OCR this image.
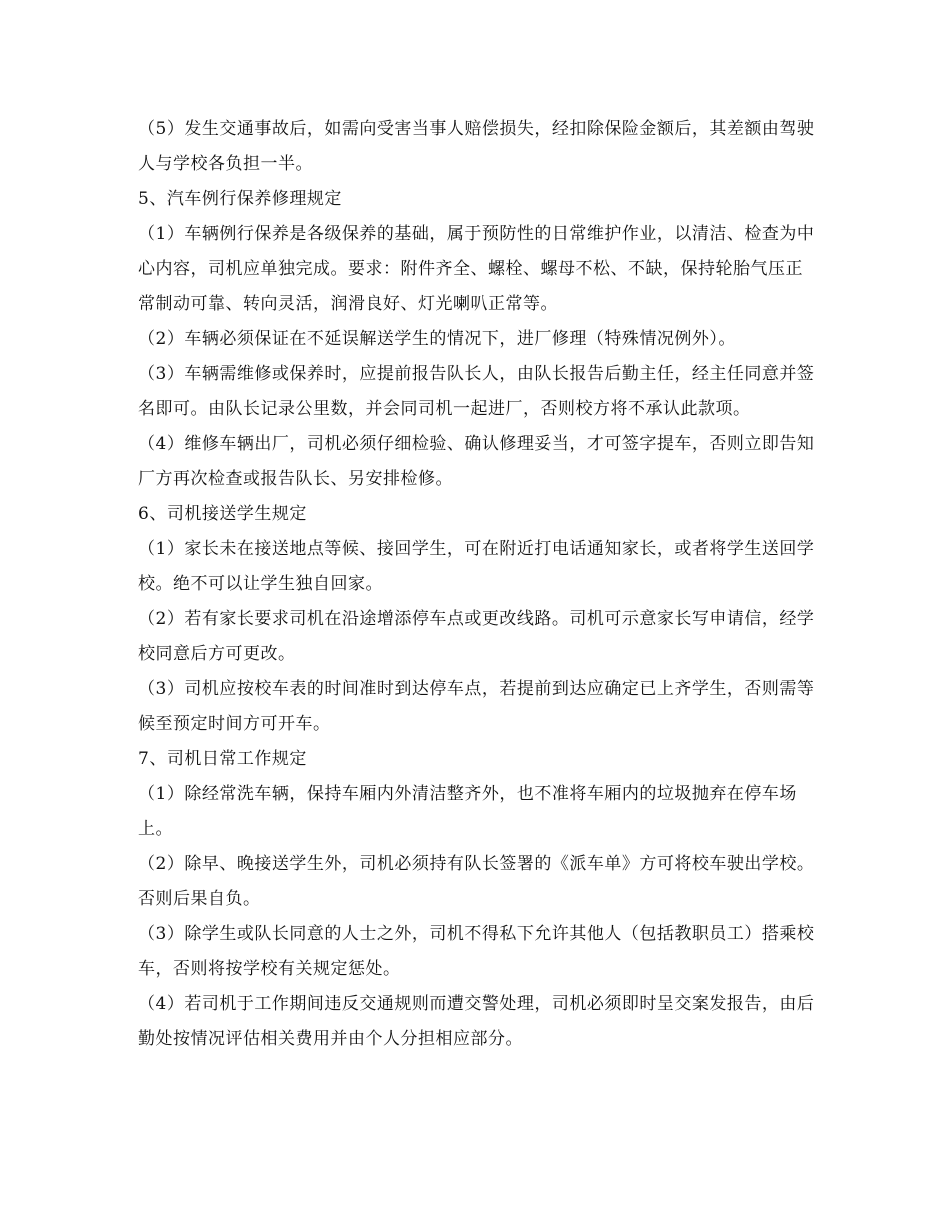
（5）发生交通事故后，如需向受害当事人赔偿损失，经扣除保险金额后，其差额由驾驶人与学校各负担一半。

5、汽车例行保养修理规定

（1）车辆例行保养是各级保养的基础，属于预防性的日常维护作业，以清洁、检查为中心内容，司机应单独完成。要求：附件齐全、螺栓、螺母不松、不缺，保持轮胎气压正常制动可靠、转向灵活，润滑良好、灯光喇叭正常等。

（2）车辆必须保证在不延误解送学生的情况下，进厂修理（特殊情况例外）。

（3）车辆需维修或保养时，应提前报告队长人，由队长报告后勤主任，经主任同意并签名即可。由队长记录公里数，并会同司机一起进厂，否则校方将不承认此款项。

（4）维修车辆出厂，司机必须仔细检验、确认修理妥当，才可签字提车，否则立即告知厂方再次检查或报告队长、另安排检修。

6、司机接送学生规定

（1）家长未在接送地点等候、接回学生，可在附近打电话通知家长，或者将学生送回学校。绝不可以让学生独自回家。

（2）若有家长要求司机在沿途增添停车点或更改线路。司机可示意家长写申请信，经学校同意后方可更改。

（3）司机应按校车表的时间准时到达停车点，若提前到达应确定已上齐学生，否则需等候至预定时间方可开车。

7、司机日常工作规定

（1）除经常洗车辆，保持车厢内外清洁整齐外，也不准将车厢内的垃圾抛弃在停车场上。

（2）除早、晚接送学生外，司机必须持有队长签署的《派车单》方可将校车驶出学校。否则后果自负。

（3）除学生或队长同意的人士之外，司机不得私下允许其他人（包括教职员工）搭乘校车，否则将按学校有关规定惩处。

（4）若司机于工作期间违反交通规则而遭交警处理，司机必须即时呈交案发报告，由后勤处按情况评估相关费用并由个人分担相应部分。
